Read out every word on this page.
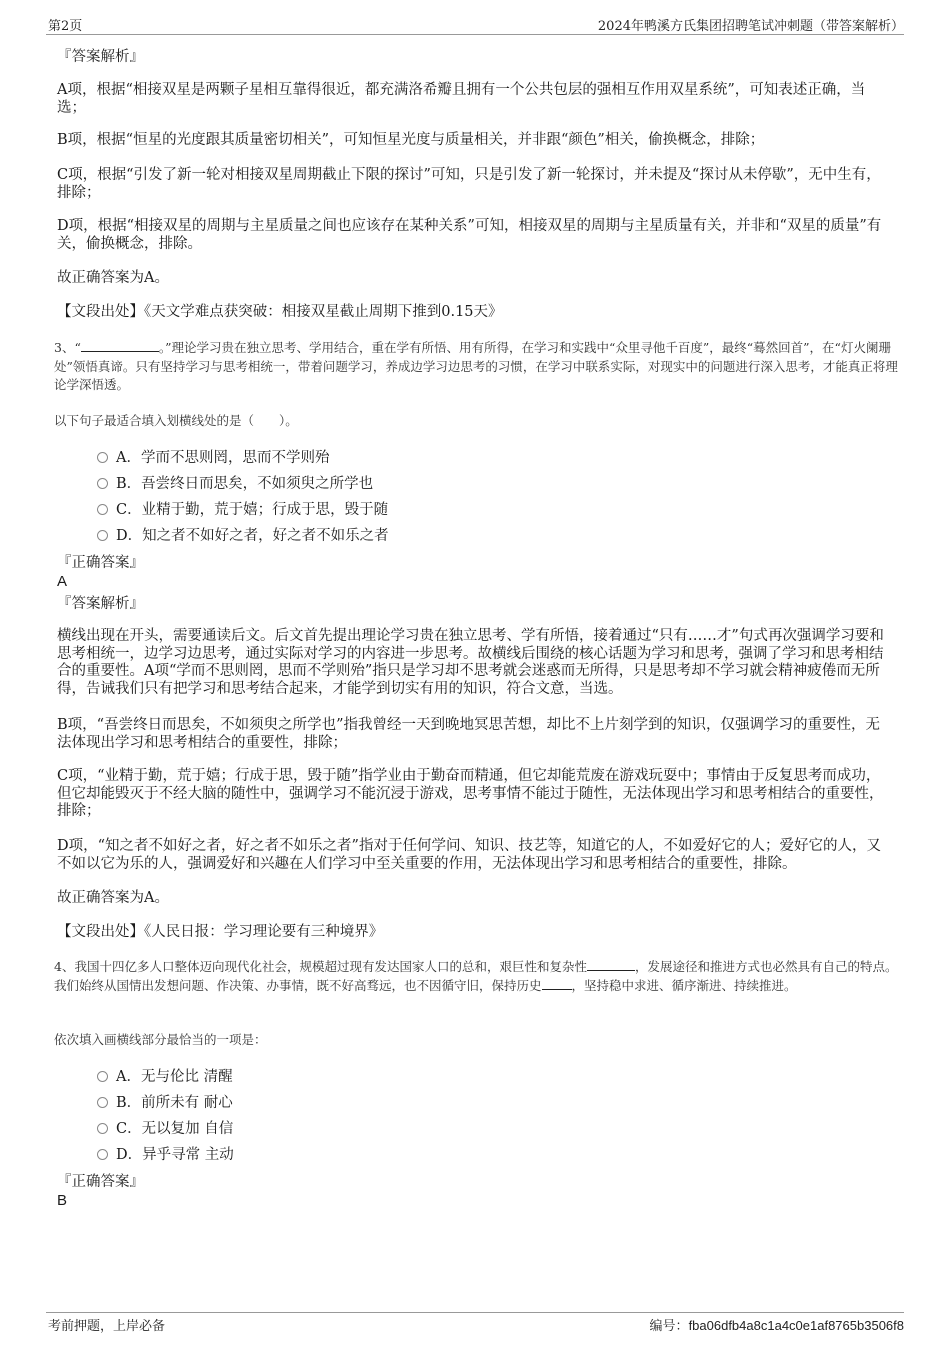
第2页	2024年鸭溪方氏集团招聘笔试冲刺题（带答案解析）
『答案解析』
A项，根据“相接双星是两颗子星相互靠得很近，都充满洛希瓣且拥有一个公共包层的强相互作用双星系统”，可知表述正确，当选；
B项，根据“恒星的光度跟其质量密切相关”，可知恒星光度与质量相关，并非跟“颜色”相关，偷换概念，排除；
C项，根据“引发了新一轮对相接双星周期截止下限的探讨”可知，只是引发了新一轮探讨，并未提及“探讨从未停歇”，无中生有，排除；
D项，根据“相接双星的周期与主星质量之间也应该存在某种关系”可知，相接双星的周期与主星质量有关，并非和“双星的质量”有关，偷换概念，排除。
故正确答案为A。
【文段出处】《天文学难点获突破：相接双星截止周期下推到0.15天》
3、“	。”理论学习贵在独立思考、学用结合，重在学有所悟、用有所得，在学习和实践中“众里寻他千百度”，最终“蓦然回首”，在“灯火阑珊处”领悟真谛。只有坚持学习与思考相统一，带着问题学习，养成边学习边思考的习惯，在学习中联系实际，对现实中的问题进行深入思考，才能真正将理论学深悟透。
以下句子最适合填入划横线处的是（　　）。
A．学而不思则罔，思而不学则殆
B．吾尝终日而思矣，不如须臾之所学也
C．业精于勤，荒于嬉；行成于思，毁于随
D．知之者不如好之者，好之者不如乐之者
『正确答案』
A
『答案解析』
横线出现在开头，需要通读后文。后文首先提出理论学习贵在独立思考、学有所悟，接着通过“只有……才”句式再次强调学习要和思考相统一，边学习边思考，通过实际对学习的内容进一步思考。故横线后围绕的核心话题为学习和思考，强调了学习和思考相结合的重要性。A项“学而不思则罔，思而不学则殆”指只是学习却不思考就会迷惑而无所得，只是思考却不学习就会精神疲倦而无所得，告诫我们只有把学习和思考结合起来，才能学到切实有用的知识，符合文意，当选。
B项，“吾尝终日而思矣，不如须臾之所学也”指我曾经一天到晚地冥思苦想，却比不上片刻学到的知识，仅强调学习的重要性，无法体现出学习和思考相结合的重要性，排除；
C项，“业精于勤，荒于嬉；行成于思，毁于随”指学业由于勤奋而精通，但它却能荒废在游戏玩耍中；事情由于反复思考而成功，但它却能毁灭于不经大脑的随性中，强调学习不能沉浸于游戏，思考事情不能过于随性，无法体现出学习和思考相结合的重要性，排除；
D项，“知之者不如好之者，好之者不如乐之者”指对于任何学问、知识、技艺等，知道它的人，不如爱好它的人；爱好它的人，又不如以它为乐的人，强调爱好和兴趣在人们学习中至关重要的作用，无法体现出学习和思考相结合的重要性，排除。
故正确答案为A。
【文段出处】《人民日报：学习理论要有三种境界》
4、我国十四亿多人口整体迈向现代化社会，规模超过现有发达国家人口的总和，艰巨性和复杂性	，发展途径和推进方式也必然具有自己的特点。我们始终从国情出发想问题、作决策、办事情，既不好高骛远，也不因循守旧，保持历史 ，坚持稳中求进、循序渐进、持续推进。
依次填入画横线部分最恰当的一项是：
A．无与伦比 清醒
B．前所未有 耐心
C．无以复加 自信
D．异乎寻常 主动
『正确答案』
B
考前押题，上岸必备	编号：fba06dfb4a8c1a4c0e1af8765b3506f8
